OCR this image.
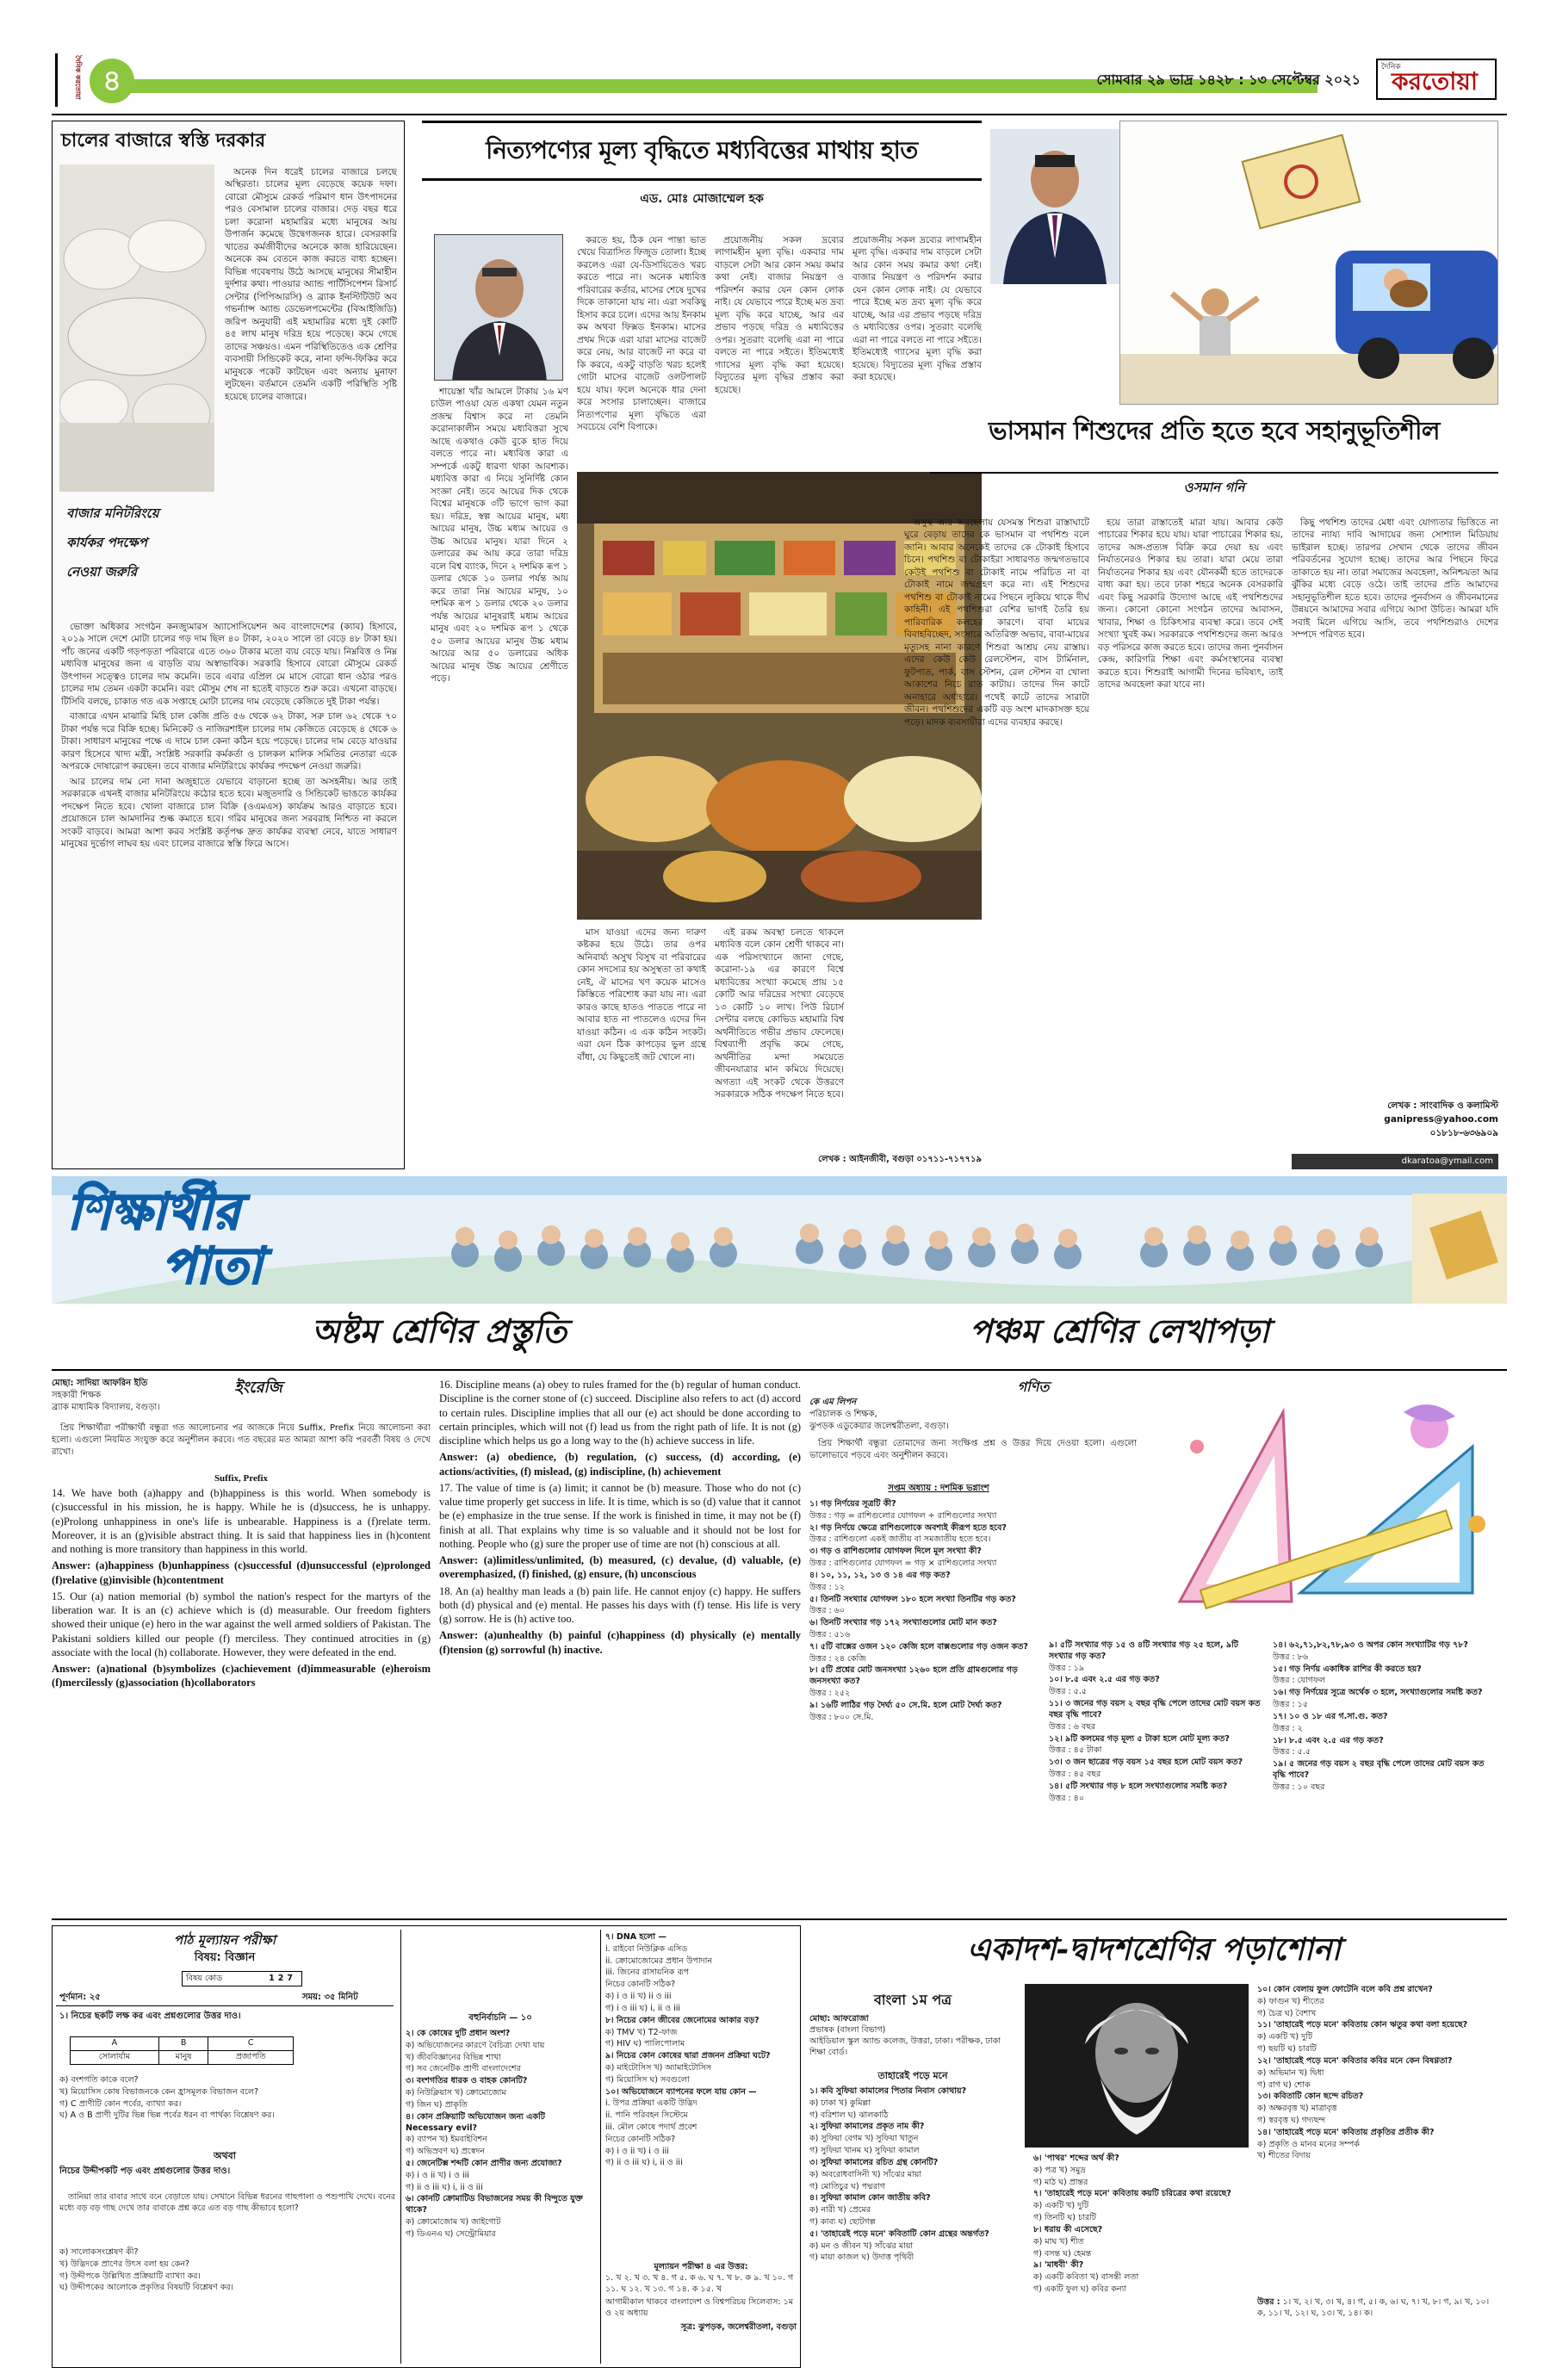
দৈনিক করতোয়া ৪	সোমবার ২৯ ভাদ্র ১৪২৮ : ১৩ সেপ্টেম্বর ২০২১
দৈনিক
করতোয়া
চালের বাজারে স্বস্তি দরকার
বাজার মনিটরিংয়ে
কার্যকর পদক্ষেপ
নেওয়া জরুরি

অনেক দিন ধরেই চালের বাজারে চলছে অস্থিরতা। চালের মূল্য বেড়েছে কয়েক দফা। বোরো মৌসুমে রেকর্ড পরিমাণ ধান উৎপাদনের পরও বেসামাল চালের বাজার। দেড় বছর ধরে চলা করোনা মহামারির মধ্যে মানুষের আয় উপার্জন কমেছে উদ্বেগজনক হারে। বেসরকারি খাতের কর্মজীবীদের অনেকে কাজ হারিয়েছেন। অনেকে কম বেতনে কাজ করতে বাধ্য হচ্ছেন। বিভিন্ন গবেষণায় উঠে আসছে মানুষের সীমাহীন দুর্দশার কথা। পাওয়ার অ্যান্ড পার্টিসিপেশন রিসার্চ সেন্টার (পিপিআরসি) ও ব্র্যাক ইনস্টিটিউট অব গভর্ন্যান্স অ্যান্ড ডেভেলপমেন্টের (বিআইজিডি) জরিপ অনুযায়ী এই মহামারির মধ্যে দুই কোটি ৪৫ লাখ মানুষ দরিদ্র হয়ে পড়েছে। কমে গেছে তাদের সঞ্চয়ও। এমন পরিস্থিতিতেও এক শ্রেণির ব্যবসায়ী সিন্ডিকেট করে, নানা ফন্দি-ফিকির করে মানুষকে পকেট কাটছেন এবং অন্যায় মুনাফা লুটছেন। বর্তমানে তেমনি একটি পরিস্থিতি সৃষ্টি হয়েছে চালের বাজারে।

ভোক্তা অধিকার সংগঠন কনজ্যুমারস অ্যাসোসিয়েশন অব বাংলাদেশের (ক্যাব) হিসাবে, ২০১৯ সালে দেশে মোটা চালের গড় দাম ছিল ৪০ টাকা, ২০২০ সালে তা বেড়ে ৪৮ টাকা হয়। পাঁচ জনের একটি গড়পড়তা পরিবারে এতে ৩৬০ টাকার মতো ব্যয় বেড়ে যায়। নিম্নবিত্ত ও নিম্ন মধ্যবিত্ত মানুষের জন্য এ বাড়তি ব্যয় অস্বাভাবিক। সরকারি হিসাবে বোরো মৌসুমে রেকর্ড উৎপাদন সত্ত্বেও চালের দাম কমেনি। তবে এবার এপ্রিল মে মাসে বোরো ধান ওঠার পরও চালের দাম তেমন একটা কমেনি। বরং মৌসুম শেষ না হতেই বাড়তে শুরু করে। এখনো বাড়ছে। টিসিবি বলছে, চাকাত গত এক সপ্তাহে মোটা চালের দাম বেড়েছে কেজিতে দুই টাকা পর্যন্ত।

বাজারে এখন মাঝারি মিহি চাল কেজি প্রতি ৫৬ থেকে ৬২ টাকা, সরু চাল ৬২ থেকে ৭০ টাকা পর্যন্ত দরে বিক্রি হচ্ছে। মিনিকেট ও নাজিরশাইল চালের দাম কেজিতে বেড়েছে ৪ থেকে ৬ টাকা। সাধারণ মানুষের পক্ষে এ দামে চাল কেনা কঠিন হয়ে পড়েছে। চালের দাম বেড়ে যাওয়ার কারণ হিসেবে খাদ্য মন্ত্রী, সংশ্লিষ্ট সরকারি কর্মকর্তা ও চালকল মালিক সমিতির নেতারা একে অপরকে দোষারোপ করছেন। তবে বাজার মনিটরিংয়ে কার্যকর পদক্ষেপ নেওয়া জরুরি।

আর চালের দাম নো দানা অজুহাতে যেভাবে বাড়ানো হচ্ছে তা অসহনীয়। আর তাই সরকারকে এখনই বাজার মনিটরিংয়ে কঠোর হতে হবে। মজুতদারি ও সিন্ডিকেট ভাঙতে কার্যকর পদক্ষেপ নিতে হবে। খোলা বাজারে চাল বিক্রি (ওএমএস) কার্যক্রম আরও বাড়াতে হবে। প্রয়োজনে চাল আমদানির শুল্ক কমাতে হবে। গরিব মানুষের জন্য সরবরাহ নিশ্চিত না করলে সংকট বাড়বে। আমরা আশা করব সংশ্লিষ্ট কর্তৃপক্ষ দ্রুত কার্যকর ব্যবস্থা নেবে, যাতে সাধারণ মানুষের দুর্ভোগ লাঘব হয় এবং চালের বাজারে স্বস্তি ফিরে আসে।

নিত্যপণ্যের মূল্য বৃদ্ধিতে মধ্যবিত্তের মাথায় হাত
এড. মোঃ মোজাম্মেল হক

শায়েস্তা খাঁর আমলে টাকায় ১৬ মণ চাউল পাওয়া যেত একথা যেমন নতুন প্রজন্ম বিশ্বাস করে না তেমনি করোনাকালীন সময়ে মধ্যবিত্তরা সুখে আছে একথাও কেউ বুকে হাত দিয়ে বলতে পারে না। মধ্যবিত্ত কারা এ সম্পর্কে একটু ধারণা থাকা আবশ্যক। মধ্যবিত্ত কারা এ নিয়ে সুনির্দিষ্ট কোন সংজ্ঞা নেই। তবে আয়ের দিক থেকে বিশ্বের মানুষকে ৩টি ভাগে ভাগ করা হয়। দরিদ্র, স্বল্প আয়ের মানুষ, মধ্য আয়ের মানুষ, উচ্চ মধ্যম আয়ের ও উচ্চ আয়ের মানুষ। যারা দিনে ২ ডলারের কম আয় করে তারা দরিদ্র বলে বিশ্ব ব্যাংক, দিনে ২ দশমিক ৰূপ ১ ডলার থেকে ১০ ডলার পর্যন্ত আয় করে তারা নিম্ন আয়ের মানুষ, ১০ দশমিক ৰূপ ১ ডলার থেকে ২০ ডলার পর্যন্ত আয়ের মানুষরাই মধ্যম আয়ের মানুষ এবং ২০ দশমিক ৰূপ ১ থেকে ৫০ ডলার আয়ের মানুষ উচ্চ মধ্যম আয়ের আর ৫০ ডলারের অধিক আয়ের মানুষ উচ্চ আয়ের শ্রেণীতে পড়ে।

করতে হয়, ঠিক যেন পান্তা ভাত খেয়ে বিত্রাসিত ফিজুড তোলা। ইচ্ছে করলেও এরা যে-ডিসায়িতেও খরচ করতে পারে না। অনেক মধ্যবিত্ত পরিবারের কর্তার, মাসের শেষে দুখের দিকে তাকানো যায় না। এরা সবকিছু হিসাব করে চলে। এদের আয় ইনকাম কম অথবা ফিক্সড ইনকাম। মাসের প্রথম দিকে এরা যারা মাসের বাজেট করে নেয়, আর বাজেট না করে বা কি করবে, একটু বাড়তি খরচ হলেই গোটা মাসের বাজেট ওলটপালট হয়ে যায়। ফলে অনেকে ধার দেনা করে সংসার চালাচ্ছেন। বাজারে নিত্যপণ্যের মূল্য বৃদ্ধিতে এরা সবচেয়ে বেশি বিপাকে।

প্রয়োজনীয় সকল দ্রব্যের লাগামহীন মূল্য বৃদ্ধি। একবার দাম বাড়লে সেটা আর কোন সময় কমার কথা নেই। বাজার নিয়ন্ত্রণ ও পরিদর্শন করার যেন কোন লোক নাই। যে যেভাবে পারে ইচ্ছে মত দ্রব্য মূল্য বৃদ্ধি করে যাচ্ছে, আর এর প্রভাব পড়ছে দরিদ্র ও মধ্যবিত্তের ওপর। সুতরাং বলেছি এরা না পারে বলতে না পারে সইতে। ইতিমধ্যেই গ্যাসের মূল্য বৃদ্ধি করা হয়েছে। বিদ্যুতের মূল্য বৃদ্ধির প্রস্তাব করা হয়েছে।

মাস যাওয়া এদের জন্য দারুণ কষ্টকর হয়ে উঠে। তার ওপর অনিবার্য্য অসুখ বিসুখ বা পরিবারের কোন সদস্যের হয় অসুস্থতা তা কথাই নেই, ঐ মাসের খণ কয়েক মাসেও কিস্তিতে পরিশোধ করা যায় না। এরা কারও কাছে হাতও পাততে পারে না আবার হাত না পাতলেও এদের দিন যাওয়া কঠিন। এ এক কঠিন সংকট। এরা যেন ঠিক কাপড়ের ভুল গ্রন্থে বাঁধা, যে কিছুতেই জট খোলে না।

এই রকম অবস্থা চলতে থাকলে মধ্যবিত্ত বলে কোন শ্রেণী থাকবে না। এক পরিসংখ্যানে জানা গেছে, করোনা-১৯ এর কারণে বিশ্বে মধ্যবিত্তের সংখ্যা কমেছে প্রায় ১৫ কোটি আর দরিদ্রের সংখ্যা বেড়েছে ১৩ কোটি ১০ লাখ। পিউ রিচার্স সেন্টার বলছে কোভিড মহামারি বিশ্ব অর্থনীতিতে গভীর প্রভাব ফেলেছে। বিশ্বব্যাপী প্রবৃদ্ধি কমে গেছে, অর্থনীতির মন্দা সময়েতে জীবনযাত্রার মান কমিয়ে দিয়েছে। অগত্যা এই সংকট থেকে উত্তরণে সরকারকে সঠিক পদক্ষেপ নিতে হবে।

প্রয়োজনীয় সকল দ্রব্যের লাগামহীন মূল্য বৃদ্ধি। একবার দাম বাড়লে সেটা আর কোন সময় কমার কথা নেই। বাজার নিয়ন্ত্রণ ও পরিদর্শন করার যেন কোন লোক নাই। যে যেভাবে পারে ইচ্ছে মত দ্রব্য মূল্য বৃদ্ধি করে যাচ্ছে, আর এর প্রভাব পড়ছে দরিদ্র ও মধ্যবিত্তের ওপর। সুতরাং বলেছি এরা না পারে বলতে না পারে সইতে। ইতিমধ্যেই গ্যাসের মূল্য বৃদ্ধি করা হয়েছে। বিদ্যুতের মূল্য বৃদ্ধির প্রস্তাব করা হয়েছে।

লেখক : আইনজীবী, বগুড়া ০১৭১১-৭১৭৭১৯
ভাসমান শিশুদের প্রতি হতে হবে সহানুভূতিশীল
ওসমান গনি

অসুস্থ আর অবহেলায় যেসমস্ত শিশুরা রাস্তাঘাটে ঘুরে বেড়ায় তাদের কে ভাসমান বা পথশিশু বলে জানি। আবার অনেকেই তাদের কে টোকাই হিসাবে চিনে। পথশিশু বা টোকাইরা সাধারণত জন্মগতভাবে কেউই পথশিশু বা টোকাই নামে পরিচিত না বা টোকাই নামে জন্মগ্রহণ করে না। এই শিশুদের পথশিশু বা টোকাই নামের পিছনে লুকিয়ে থাকে দীর্ঘ কাহিনী। এই পথশিশুরা বেশির ভাগই তৈরি হয় পারিবারিক কলহের কারণে। বাবা মায়ের বিবাহবিচ্ছেদ, সংসারে অতিরিক্ত অভাব, বাবা-মায়ের মৃত্যুসহ নানা কারণে শিশুরা আশ্রয় নেয় রাস্তায়। এদের কেউ কেউ রেলস্টেশন, বাস টার্মিনাল, ফুটপাত, পার্ক, বাস স্টেশন, রেল স্টেশন বা খোলা আকাশের নিচে রাত কাটায়। তাদের দিন কাটে অনাহারে অর্ধাহারে। পথেই কাটে তাদের সারাটা জীবন। পথশিশুদের একটি বড় অংশ মাদকাসক্ত হয়ে পড়ে। মাদক ব্যবসায়ীরা এদের ব্যবহার করছে।

হয়ে তারা রাস্তাতেই মারা যায়। আবার কেউ পাচারের শিকার হয়ে যায়। যারা পাচারের শিকার হয়, তাদের অঙ্গ-প্রত্যঙ্গ বিক্রি করে দেয়া হয় এবং নির্যাতনেরও শিকার হয় তারা। যারা মেয়ে তারা নির্যাতনের শিকার হয় এবং যৌনকর্মী হতে তাদেরকে বাধ্য করা হয়। তবে ঢাকা শহরে অনেক বেসরকারি এবং কিছু সরকারি উদ্যোগ আছে এই পথশিশুদের জন্য। কোনো কোনো সংগঠন তাদের আবাসন, খাবার, শিক্ষা ও চিকিৎসার ব্যবস্থা করে। তবে সেই সংখ্যা খুবই কম। সরকারকে পথশিশুদের জন্য আরও বড় পরিসরে কাজ করতে হবে। তাদের জন্য পুনর্বাসন কেন্দ্র, কারিগরি শিক্ষা এবং কর্মসংস্থানের ব্যবস্থা করতে হবে। শিশুরাই আগামী দিনের ভবিষ্যৎ, তাই তাদের অবহেলা করা যাবে না।

কিছু পথশিশু তাদের মেধা এবং যোগ্যতার ভিত্তিতে না তাদের ন্যায্য দাবি আদায়ের জন্য সোশ্যাল মিডিয়ায় ভাইরাল হচ্ছে। তারপর সেখান থেকে তাদের জীবন পরিবর্তনের সুযোগ হচ্ছে। তাদের আর পিছনে ফিরে তাকাতে হয় না। তারা সমাজের অবহেলা, অনিশ্চয়তা আর ঝুঁকির মধ্যে বেড়ে ওঠে। তাই তাদের প্রতি আমাদের সহানুভূতিশীল হতে হবে। তাদের পুনর্বাসন ও জীবনমানের উন্নয়নে আমাদের সবার এগিয়ে আসা উচিত। আমরা যদি সবাই মিলে এগিয়ে আসি, তবে পথশিশুরাও দেশের সম্পদে পরিণত হবে।

লেখক : সাংবাদিক ও কলামিস্ট
ganipress@yahoo.com
০১৮১৮-৬৩৬৯০৯
dkaratoa@ymail.com
শিক্ষার্থীর
পাতা
অষ্টম শ্রেণির প্রস্তুতি	পঞ্চম শ্রেণির লেখাপড়া
মোছা: সাদিয়া আফরিন ইতি
সহকারী শিক্ষক
ব্র্যাক মাধ্যমিক বিদ্যালয়, বগুড়া।
ইংরেজি

প্রিয় শিক্ষার্থীরা পরীক্ষার্থী বন্ধুরা গত আলোচনার পর আজকে নিয়ে Suffix, Prefix নিয়ে আলোচনা করা হলো। এগুলো নিয়মিত সংযুক্ত করে অনুশীলন করবে। গত বছরের মত আমরা আশা করি পরবর্তী বিষয় ও দেখে রাখো।

Suffix, Prefix

14. We have both (a)happy and (b)happiness is this world. When somebody is (c)successful in his mission, he is happy. While he is (d)success, he is unhappy. (e)Prolong unhappiness in one's life is unbearable. Happiness is a (f)relate term. Moreover, it is an (g)visible abstract thing. It is said that happiness lies in (h)content and nothing is more transitory than happiness in this world.

Answer: (a)happiness (b)unhappiness (c)successful (d)unsuccessful (e)prolonged (f)relative (g)invisible (h)contentment

15. Our (a) nation memorial (b) symbol the nation's respect for the martyrs of the liberation war. It is an (c) achieve which is (d) measurable. Our freedom fighters showed their unique (e) hero in the war against the well armed soldiers of Pakistan. The Pakistani soldiers killed our people (f) merciless. They continued atrocities in (g) associate with the local (h) collaborate. However, they were defeated in the end.

Answer: (a)national (b)symbolizes (c)achievement (d)immeasurable (e)heroism (f)mercilessly (g)association (h)collaborators

16. Discipline means (a) obey to rules framed for the (b) regular of human conduct. Discipline is the corner stone of (c) succeed. Discipline also refers to act (d) accord to certain rules. Discipline implies that all our (e) act should be done according to certain principles, which will not (f) lead us from the right path of life. It is not (g) discipline which helps us go a long way to the (h) achieve success in life.

Answer: (a) obedience, (b) regulation, (c) success, (d) according, (e) actions/activities, (f) mislead, (g) indiscipline, (h) achievement

17. The value of time is (a) limit; it cannot be (b) measure. Those who do not (c) value time properly get success in life. It is time, which is so (d) value that it cannot be (e) emphasize in the true sense. If the work is finished in time, it may not be (f) finish at all. That explains why time is so valuable and it should not be lost for nothing. People who (g) sure the proper use of time are not (h) conscious at all.

Answer: (a)limitless/unlimited, (b) measured, (c) devalue, (d) valuable, (e) overemphasized, (f) finished, (g) ensure, (h) unconscious

18. An (a) healthy man leads a (b) pain life. He cannot enjoy (c) happy. He suffers both (d) physical and (e) mental. He passes his days with (f) tense. His life is very (g) sorrow. He is (h) active too.

Answer: (a)unhealthy (b) painful (c)happiness (d) physically (e) mentally (f)tension (g) sorrowful (h) inactive.

গণিত
কে এম লিপন
পরিচালক ও শিক্ষক,
ঝুপড়ক এডুকেয়ার জলেশ্বরীতলা, বগুড়া।

প্রিয় শিক্ষার্থী বন্ধুরা তোমাদের জন্য সংক্ষিপ্ত প্রশ্ন ও উত্তর দিয়ে দেওয়া হলো। এগুলো ভালোভাবে পড়বে এবং অনুশীলন করবে।

সপ্তম অধ্যায় : দশমিক ভগ্নাংশ
১। গড় নির্ণয়ের সূত্রটি কী?
উত্তর : গড় = রাশিগুলোর যোগফল ÷ রাশিগুলোর সংখ্যা
২। গড় নির্ণয়ে ক্ষেত্রে রাশিগুলোকে অবশ্যই কীরূপ হতে হবে?
উত্তর : রাশিগুলো একই জাতীয় বা সমজাতীয় হতে হবে।
৩। গড় ও রাশিগুলোর যোগফল দিলে মূল সংখ্যা কী?
উত্তর : রাশিগুলোর যোগফল = গড় × রাশিগুলোর সংখ্যা
৪। ১০, ১১, ১২, ১৩ ও ১৪ এর গড় কত?
উত্তর : ১২
৫। তিনটি সংখ্যার যোগফল ১৮০ হলে সংখ্যা তিনটির গড় কত?
উত্তর : ৬০
৬। তিনটি সংখ্যার গড় ১৭২ সংখ্যাগুলোর মোট মান কত?
উত্তর : ৫১৬
৭। ৫টি বাক্সের ওজন ১২০ কেজি হলে বাক্সগুলোর গড় ওজন কত?
উত্তর : ২৪ কেজি
৮। ৫টি প্রশ্নের মোট জনসংখ্যা ১২৬০ হলে প্রতি গ্রামগুলোর গড় জনসংখ্যা কত?
উত্তর : ২৫২
৯। ১৬টি লাঠির গড় দৈর্ঘ্য ৫০ সে.মি. হলে মোট দৈর্ঘ্য কত?
উত্তর : ৮০০ সে.মি.
৯। ৫টি সংখ্যার গড় ১৫ ও ৪টি সংখ্যার গড় ২৫ হলে, ৯টি সংখ্যার গড় কত?
উত্তর : ১৯
১০। ৮.৫ এবং ২.৫ এর গড় কত?
উত্তর : ৫.৫
১১। ৩ জনের গড় বয়স ২ বছর বৃদ্ধি পেলে তাদের মোট বয়স কত বছর বৃদ্ধি পাবে?
উত্তর : ৬ বছর
১২। ৯টি কলমের গড় মূল্য ৫ টাকা হলে মোট মূল্য কত?
উত্তর : ৪৫ টাকা
১৩। ৩ জন ছাত্রের গড় বয়স ১৫ বছর হলে মোট বয়স কত?
উত্তর : ৪৫ বছর
১৪। ৫টি সংখ্যার গড় ৮ হলে সংখ্যাগুলোর সমষ্টি কত?
উত্তর : ৪০
১৪। ৬২,৭১,৮২,৭৮,৯৩ ও অপর কোন সংখ্যাটির গড় ৭৮?
উত্তর : ৮৬
১৫। গড় নির্ণয় একাধিক রাশির কী করতে হয়?
উত্তর : যোগফল
১৬। গড় নির্ণয়ের সূত্রে অর্থেক ৩ হলে, সংখ্যাগুলোর সমষ্টি কত?
উত্তর : ১৫
১৭। ১০ ও ১৮ এর গ.সা.গু. কত?
উত্তর : ২
১৮। ৮.৫ এবং ২.৫ এর গড় কত?
উত্তর : ৫.৫
১৯। ৫ জনের গড় বয়স ২ বছর বৃদ্ধি পেলে তাদের মোট বয়স কত বৃদ্ধি পাবে?
উত্তর : ১০ বছর
পাঠ মূল্যায়ন পরীক্ষা
বিষয়: বিজ্ঞান
বিষয় কোড	127
পূর্ণমান: ২৫	সময়: ৩৫ মিনিট
১। নিচের ছকটি লক্ষ কর এবং প্রশ্নগুলোর উত্তর দাও।
A	B	C
সোলার্যাম	মানুষ	প্রজাপতি
ক) বংশগতি কাকে বলে?
খ) মিয়োসিস কোষ বিভাজনকে কেন হ্রাসমূলক বিভাজন বলে?
গ) C প্রাণীটি কোন পর্বের, ব্যাখ্যা কর।
ঘ) A ও B প্রাণী দুটির ভিন্ন ভিন্ন পর্বের ধরন বা পার্থক্য বিশ্লেষণ কর।
অথবা
নিচের উদ্দীপকটি পড় এবং প্রশ্নগুলোর উত্তর দাও।

তানিয়া তার বাবার সাথে বনে বেড়াতে যায়। সেখানে বিভিন্ন ধরনের গাছপালা ও পশুপাখি দেখে। বনের মধ্যে বড় বড় গাছ দেখে তার বাবাকে প্রশ্ন করে এত বড় গাছ কীভাবে হলো?

ক) সালোকসংশ্লেষণ কী?
খ) উদ্ভিদকে প্রাণের উৎস বলা হয় কেন?
গ) উদ্দীপকে উল্লিখিত প্রক্রিয়াটি ব্যাখ্যা কর।
ঘ) উদ্দীপকের আলোকে প্রকৃতির বিষয়টি বিশ্লেষণ কর।
বহুনির্বাচনি — ১০
২। কে কোষের দুটি প্রধান অংশ?
ক) অভিযোজনের কারণে বৈচিত্র্য দেখা যায়
খ) জীববিজ্ঞানের বিভিন্ন শাখা
গ) সব জেনেটিক প্রাণী বাংলাদেশের
৩। বংশগতির ধারক ও বাহক কোনটি?
ক) নিউক্লিয়াস খ) ক্রোমোজোম
গ) জিন ঘ) প্রাকৃতি
৪। কোন প্রক্রিয়াটি অভিযোজন জন্য একটি Necessary evil?
ক) ব্যাপন খ) ইমবাইবিশন
গ) অভিস্রবণ ঘ) প্রস্বেদন
৫। জেনেটিক্স শব্দটি কোন প্রাণীর জন্য প্রযোজ্য?
ক) i ও ii খ) i ও iii
গ) ii ও iii ঘ) i, ii ও iii
৬। কোনটি ক্রোমাটিড বিভাজনের সময় কী বিন্দুতে যুক্ত থাকে?
ক) ক্রোমোজোম খ) জাইগোট
গ) ডিএনএ ঘ) সেন্ট্রোমিয়ার
৭। DNA হলো —
i. রাইবো নিউক্লিক এসিড
ii. ক্রোমোজোমের প্রধান উপাদান
iii. জিনের রাসায়নিক রূপ
নিচের কোনটি সঠিক?
ক) i ও ii খ) ii ও iii
গ) i ও iii ঘ) i, ii ও iii
৮। নিচের কোন জীবের জেনোমের আকার বড়?
ক) TMV খ) T2-ফাজ
গ) HIV ঘ) পালিপোলাম
৯। নিচের কোন কোষের দ্বারা প্রজনন প্রক্রিয়া ঘটে?
ক) মাইটোসিস খ) অ্যামাইটোসিস
গ) মিয়োসিস ঘ) সবগুলো
১০। অভিযোজনে ব্যাপনের ফলে যায় কোন —
i. উপর প্রক্রিয়া একটি উদ্ভিদ
ii. পানি পরিবহন সিস্টেমে
iii. মৌল কোষে পদার্থ প্রবেশ
নিচের কোনটি সঠিক?
ক) i ও ii খ) i ও iii
গ) ii ও iii ঘ) i, ii ও iii
মূল্যায়ন পরীক্ষা ৪ এর উত্তর:
১. খ ২. খ ৩. খ ৪. গ ৫. ক ৬. ঘ ৭. খ ৮. ক ৯. খ ১০. গ ১১. ঘ ১২. খ ১৩. গ ১৪. ক ১৫. খ
আগামীকাল থাকবে বাংলাদেশ ও বিশ্বপরিচয় সিলেবাস: ১ম ও ২য় অধ্যায়
সূত্র: ঝুপড়ক, জলেশ্বরীতলা, বগুড়া
একাদশ-দ্বাদশশ্রেণির পড়াশোনা
বাংলা ১ম পত্র
মোছা: আফরোজা
প্রভাষক (বাংলা বিভাগ)
আইডিয়াল স্কুল অ্যান্ড কলেজ, উত্তরা, ঢাকা। পরীক্ষক, ঢাকা শিক্ষা বোর্ড।
তাহারেই পড়ে মনে
১। কবি সুফিয়া কামালের পিতার নিবাস কোথায়?
ক) ঢাকা খ) কুমিল্লা
গ) বরিশাল ঘ) ঝালকাঠি
২। সুফিয়া কামালের প্রকৃত নাম কী?
ক) সুফিয়া বেগম খ) সুফিয়া খাতুন
গ) সুফিয়া খানম ঘ) সুফিয়া কামাল
৩। সুফিয়া কামালের রচিত গ্রন্থ কোনটি?
ক) অবরোধবাসিনী খ) সাঁঝের মায়া
গ) মোতিচুর ঘ) পদ্মরাগ
৪। সুফিয়া কামাল কোন জাতীয় কবি?
ক) নারী খ) প্রেমের
গ) কাব্য ঘ) ছোটগল্প
৫। 'তাহারেই পড়ে মনে' কবিতাটি কোন গ্রন্থের অন্তর্গত?
ক) মন ও জীবন খ) সাঁঝের মায়া
গ) মায়া কাজল ঘ) উদাত্ত পৃথিবী
৬। 'পাথর' শব্দের অর্থ কী?
ক) পত্র খ) সমুদ্র
গ) মাঠ ঘ) প্রান্তর
৭। 'তাহারেই পড়ে মনে' কবিতায় কয়টি চরিত্রের কথা রয়েছে?
ক) একটি খ) দুটি
গ) তিনটি ঘ) চারটি
৮। ধরায় কী এসেছে?
ক) মাঘ খ) শীত
গ) বসন্ত ঘ) হেমন্ত
৯। 'মাধবী' কী?
ক) একটি কবিতা খ) বাসন্তী লতা
গ) একটি ফুল ঘ) কবির কন্যা
১০। কোন বেলায় ফুল ফোটেনি বলে কবি প্রশ্ন রাখেন?
ক) ফাগুন খ) শীতের
গ) চৈত্র ঘ) বৈশাখ
১১। 'তাহারেই পড়ে মনে' কবিতায় কোন ঋতুর কথা বলা হয়েছে?
ক) একটি খ) দুটি
গ) ছয়টি ঘ) চারটি
১২। 'তাহারেই পড়ে মনে' কবিতার কবির মনে কেন বিষণ্ণতা?
ক) অভিমান খ) দ্বিধা
গ) রাগ ঘ) শোক
১৩। কবিতাটি কোন ছন্দে রচিত?
ক) অক্ষরবৃত্ত খ) মাত্রাবৃত্ত
গ) স্বরবৃত্ত ঘ) গদ্যছন্দ
১৪। 'তাহারেই পড়ে মনে' কবিতায় প্রকৃতির প্রতীক কী?
ক) প্রকৃতি ও মানব মনের সম্পর্ক
খ) শীতের বিদায়
উত্তর : ১। খ, ২। খ, ৩। খ, ৪। গ, ৫। ক, ৬। ঘ, ৭। খ, ৮। গ, ৯। খ, ১০। ক, ১১। খ, ১২। ঘ, ১৩। খ, ১৪। ক।
